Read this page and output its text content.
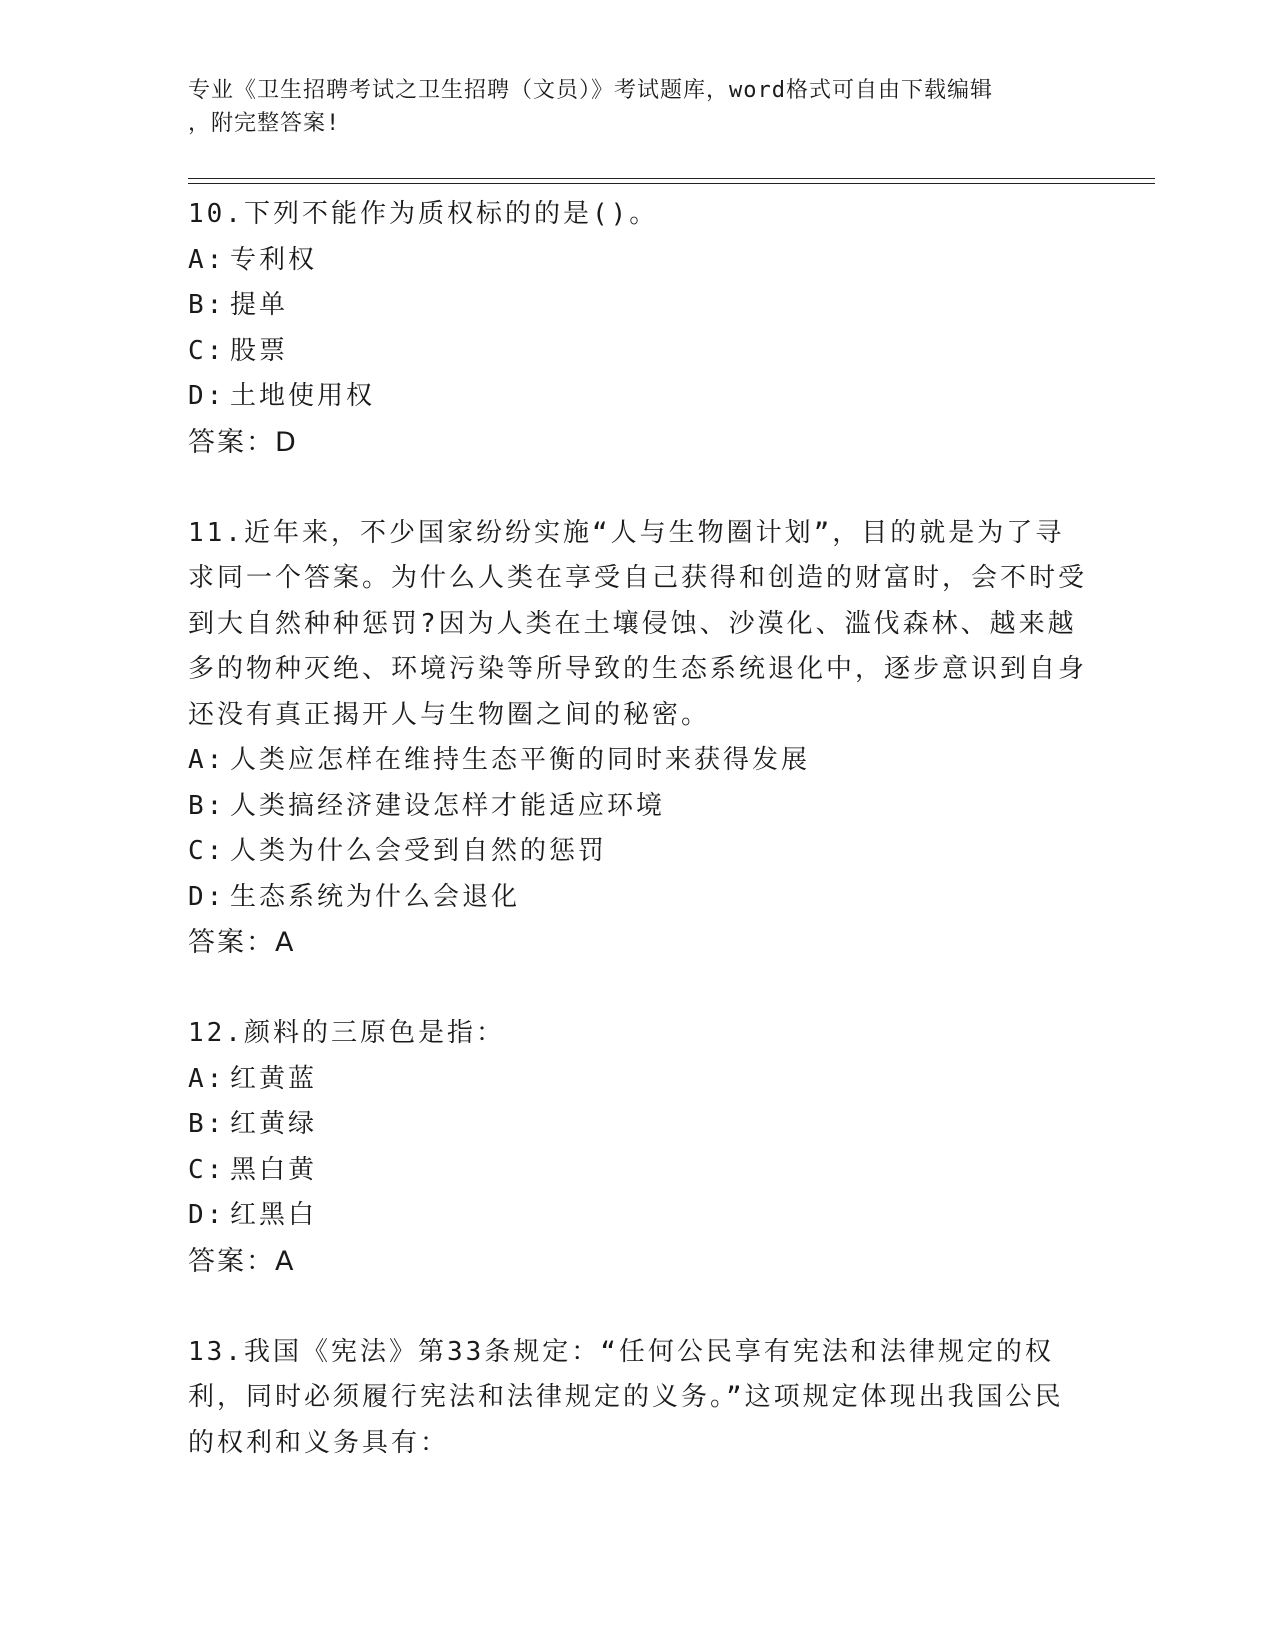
专业《卫生招聘考试之卫生招聘（文员）》考试题库，word格式可自由下载编辑

，附完整答案!

10.下列不能作为质权标的的是()。

A: 专利权

B: 提单

C: 股票

D: 土地使用权

答案：D

11.近年来，不少国家纷纷实施“人与生物圈计划”，目的就是为了寻求同一个答案。为什么人类在享受自己获得和创造的财富时，会不时受到大自然种种惩罚?因为人类在土壤侵蚀、沙漠化、滥伐森林、越来越多的物种灭绝、环境污染等所导致的生态系统退化中，逐步意识到自身还没有真正揭开人与生物圈之间的秘密。

A: 人类应怎样在维持生态平衡的同时来获得发展

B: 人类搞经济建设怎样才能适应环境

C: 人类为什么会受到自然的惩罚

D: 生态系统为什么会退化

答案：A

12.颜料的三原色是指：

A: 红黄蓝

B: 红黄绿

C: 黑白黄

D: 红黑白

答案：A

13.我国《宪法》第33条规定：“任何公民享有宪法和法律规定的权利，同时必须履行宪法和法律规定的义务。”这项规定体现出我国公民的权利和义务具有：
